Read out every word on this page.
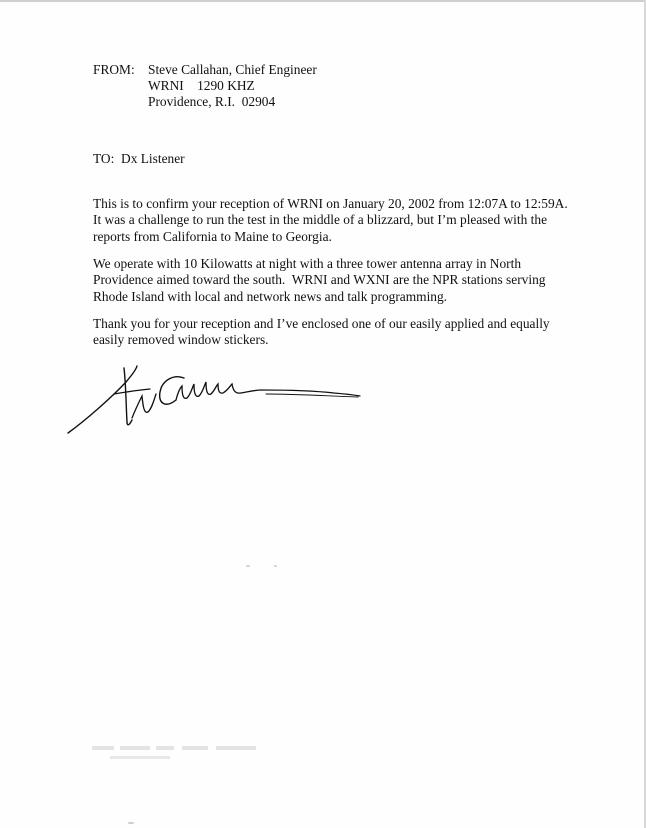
FROM: Steve Callahan, Chief Engineer
WRNI    1290 KHZ
Providence, R.I.  02904
TO:  Dx Listener
This is to confirm your reception of WRNI on January 20, 2002 from 12:07A to 12:59A.
It was a challenge to run the test in the middle of a blizzard, but I’m pleased with the
reports from California to Maine to Georgia.
We operate with 10 Kilowatts at night with a three tower antenna array in North
Providence aimed toward the south.  WRNI and WXNI are the NPR stations serving
Rhode Island with local and network news and talk programming.
Thank you for your reception and I’ve enclosed one of our easily applied and equally
easily removed window stickers.
